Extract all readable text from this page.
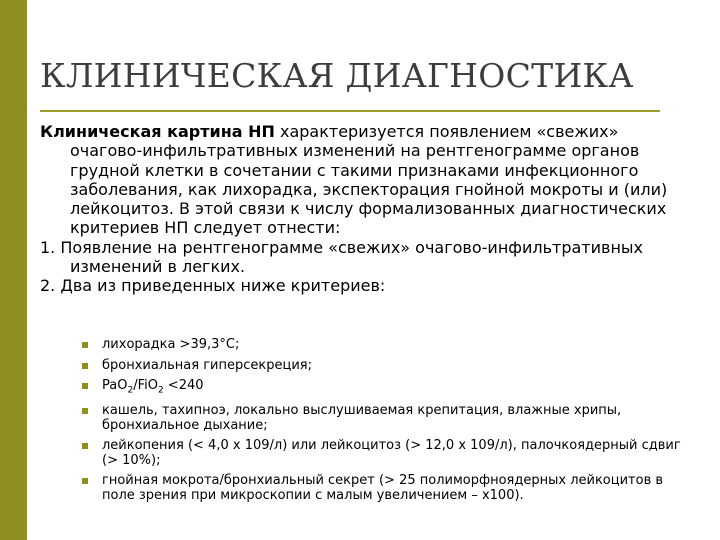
КЛИНИЧЕСКАЯ ДИАГНОСТИКА

Клиническая картина НП характеризуется появлением «свежих» очагово-инфильтративных изменений на рентгенограмме органов грудной клетки в сочетании с такими признаками инфекционного заболевания, как лихорадка, экспекторация гнойной мокроты и (или) лейкоцитоз. В этой связи к числу формализованных диагностических критериев НП следует отнести:

1. Появление на рентгенограмме «свежих» очагово-инфильтративных изменений в легких.

2. Два из приведенных ниже критериев:

лихорадка >39,3°С;
бронхиальная гиперсекреция;
PaO$_2$/FiO$_2$ <240
кашель, тахипноэ, локально выслушиваемая крепитация, влажные хрипы, бронхиальное дыхание;
лейкопения (< 4,0 х 109/л) или лейкоцитоз (> 12,0 х 109/л), палочкоядерный сдвиг (> 10%);
гнойная мокрота/бронхиальный секрет (> 25 полиморфноядерных лейкоцитов в поле зрения при микроскопии с малым увеличением – х100).
